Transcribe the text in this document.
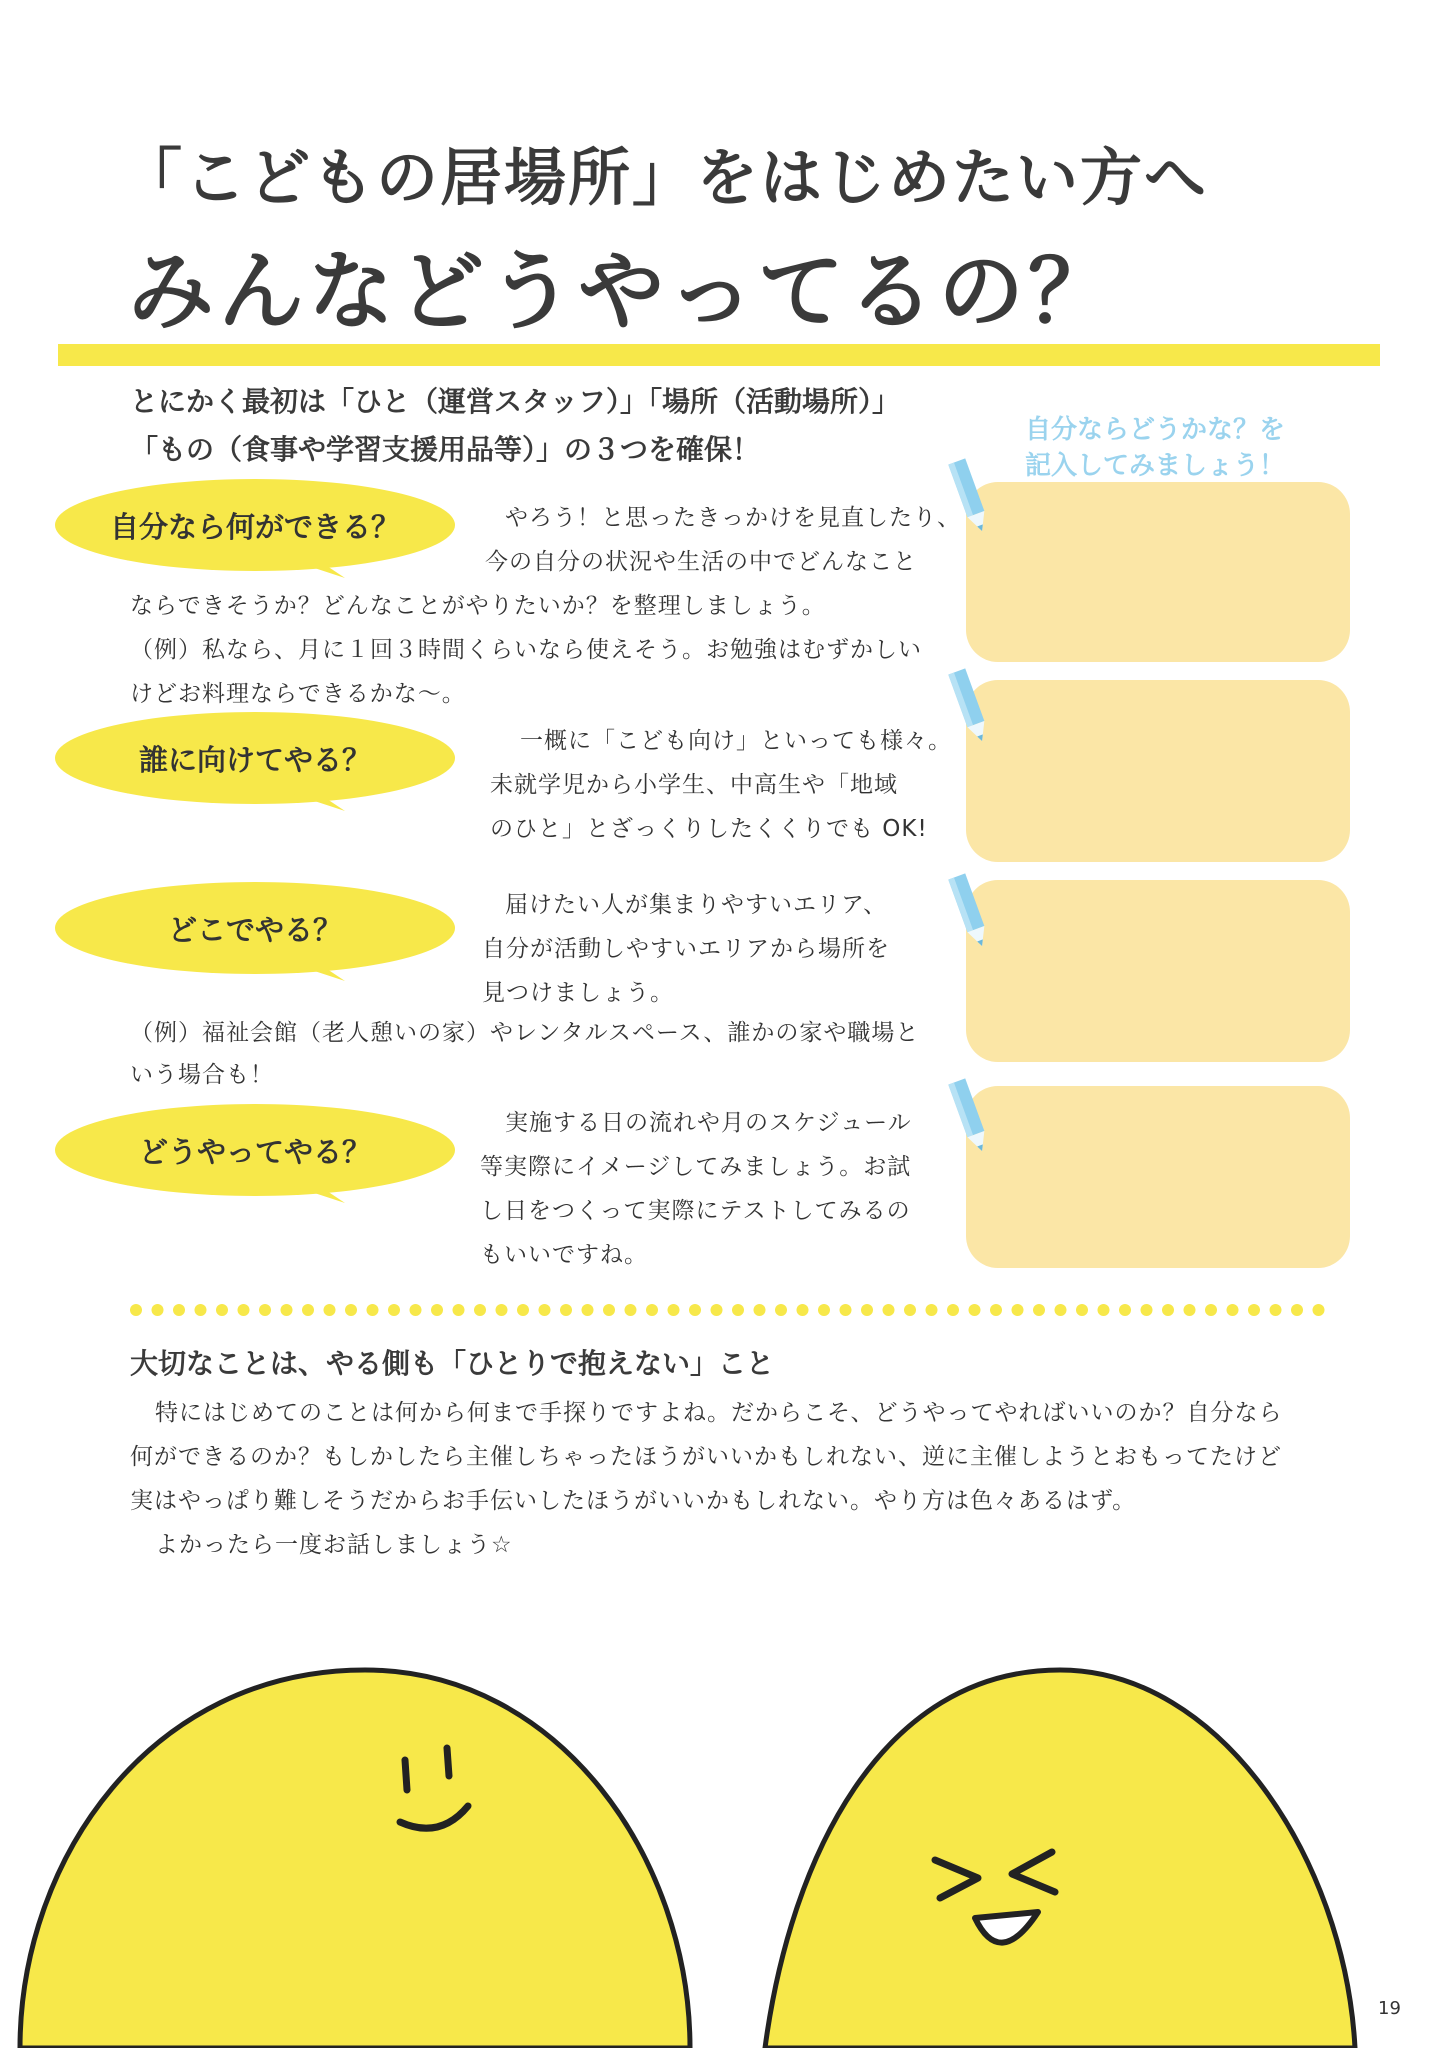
「こどもの居場所」をはじめたい方へ
みんなどうやってるの？
とにかく最初は「ひと（運営スタッフ）」「場所（活動場所）」
「もの（食事や学習支援用品等）」の３つを確保！
自分ならどうかな？を
記入してみましょう！
自分なら何ができる？
誰に向けてやる？
どこでやる？
どうやってやる？
やろう！と思ったきっかけを見直したり、
今の自分の状況や生活の中でどんなこと
ならできそうか？どんなことがやりたいか？を整理しましょう。
（例）私なら、月に１回３時間くらいなら使えそう。お勉強はむずかしい
けどお料理ならできるかな～。
一概に「こども向け」といっても様々。
未就学児から小学生、中高生や「地域
のひと」とざっくりしたくくりでも OK!
届けたい人が集まりやすいエリア、
自分が活動しやすいエリアから場所を
見つけましょう。
（例）福祉会館（老人憩いの家）やレンタルスペース、誰かの家や職場と
いう場合も！
実施する日の流れや月のスケジュール
等実際にイメージしてみましょう。お試
し日をつくって実際にテストしてみるの
もいいですね。
大切なことは、やる側も「ひとりで抱えない」こと
特にはじめてのことは何から何まで手探りですよね。だからこそ、どうやってやればいいのか？自分なら
何ができるのか？もしかしたら主催しちゃったほうがいいかもしれない、逆に主催しようとおもってたけど
実はやっぱり難しそうだからお手伝いしたほうがいいかもしれない。やり方は色々あるはず。
よかったら一度お話しましょう☆
19
